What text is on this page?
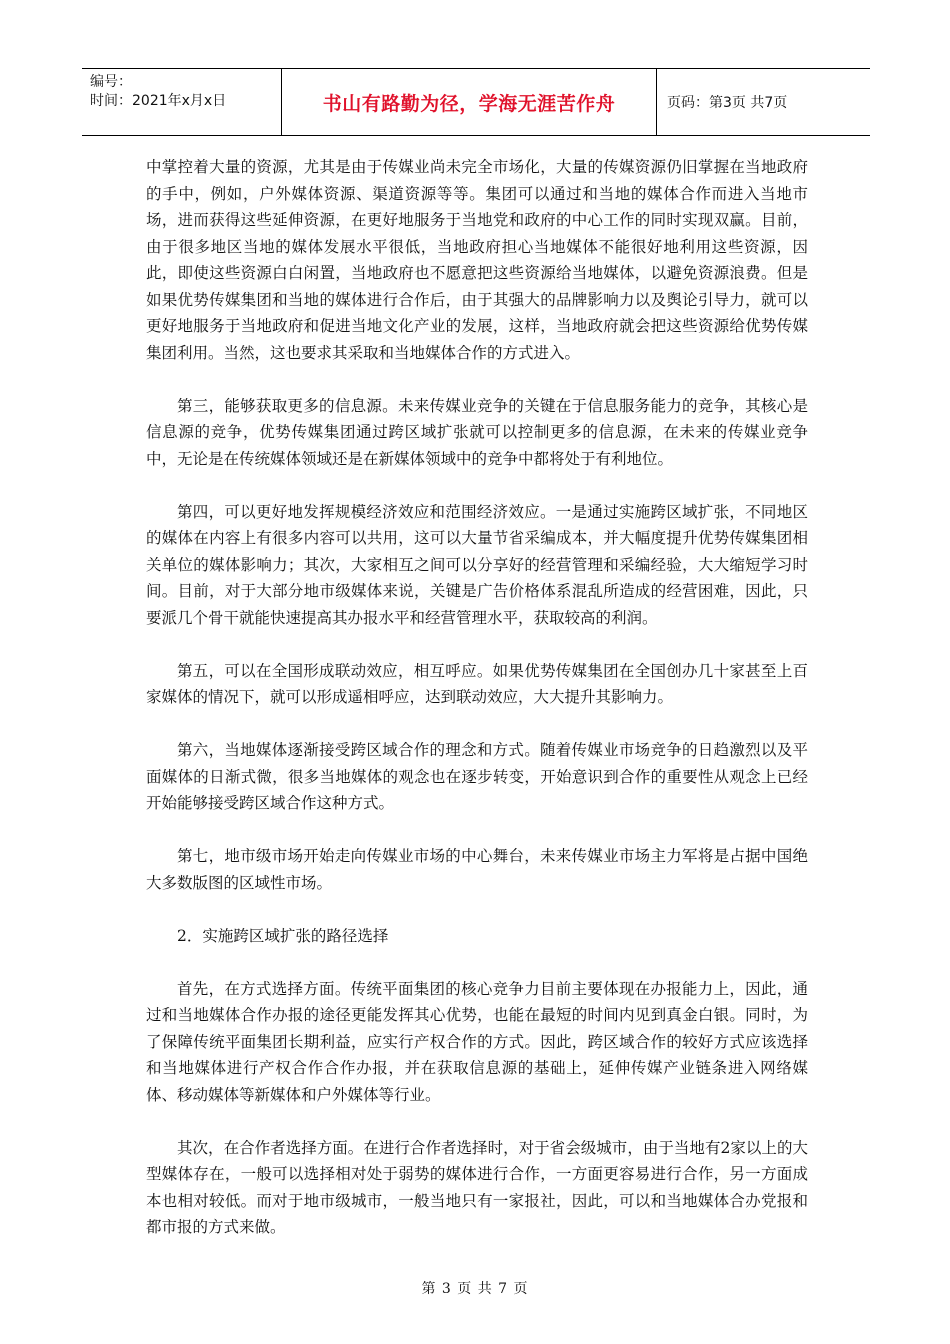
编号：
时间：2021年x月x日	书山有路勤为径，学海无涯苦作舟	页码：第3页 共7页

中掌控着大量的资源，尤其是由于传媒业尚未完全市场化，大量的传媒资源仍旧掌握在当地政府的手中，例如，户外媒体资源、渠道资源等等。集团可以通过和当地的媒体合作而进入当地市场，进而获得这些延伸资源，在更好地服务于当地党和政府的中心工作的同时实现双赢。目前，由于很多地区当地的媒体发展水平很低，当地政府担心当地媒体不能很好地利用这些资源，因此，即使这些资源白白闲置，当地政府也不愿意把这些资源给当地媒体，以避免资源浪费。但是如果优势传媒集团和当地的媒体进行合作后，由于其强大的品牌影响力以及舆论引导力，就可以更好地服务于当地政府和促进当地文化产业的发展，这样，当地政府就会把这些资源给优势传媒集团利用。当然，这也要求其采取和当地媒体合作的方式进入。

第三，能够获取更多的信息源。未来传媒业竞争的关键在于信息服务能力的竞争，其核心是信息源的竞争，优势传媒集团通过跨区域扩张就可以控制更多的信息源，在未来的传媒业竞争中，无论是在传统媒体领域还是在新媒体领域中的竞争中都将处于有利地位。

第四，可以更好地发挥规模经济效应和范围经济效应。一是通过实施跨区域扩张，不同地区的媒体在内容上有很多内容可以共用，这可以大量节省采编成本，并大幅度提升优势传媒集团相关单位的媒体影响力；其次，大家相互之间可以分享好的经营管理和采编经验，大大缩短学习时间。目前，对于大部分地市级媒体来说，关键是广告价格体系混乱所造成的经营困难，因此，只要派几个骨干就能快速提高其办报水平和经营管理水平，获取较高的利润。

第五，可以在全国形成联动效应，相互呼应。如果优势传媒集团在全国创办几十家甚至上百家媒体的情况下，就可以形成遥相呼应，达到联动效应，大大提升其影响力。

第六，当地媒体逐渐接受跨区域合作的理念和方式。随着传媒业市场竞争的日趋激烈以及平面媒体的日渐式微，很多当地媒体的观念也在逐步转变，开始意识到合作的重要性从观念上已经开始能够接受跨区域合作这种方式。

第七，地市级市场开始走向传媒业市场的中心舞台，未来传媒业市场主力军将是占据中国绝大多数版图的区域性市场。

2．实施跨区域扩张的路径选择

首先，在方式选择方面。传统平面集团的核心竞争力目前主要体现在办报能力上，因此，通过和当地媒体合作办报的途径更能发挥其心优势，也能在最短的时间内见到真金白银。同时，为了保障传统平面集团长期利益，应实行产权合作的方式。因此，跨区域合作的较好方式应该选择和当地媒体进行产权合作合作办报，并在获取信息源的基础上，延伸传媒产业链条进入网络媒体、移动媒体等新媒体和户外媒体等行业。

其次，在合作者选择方面。在进行合作者选择时，对于省会级城市，由于当地有2家以上的大型媒体存在，一般可以选择相对处于弱势的媒体进行合作，一方面更容易进行合作，另一方面成本也相对较低。而对于地市级城市，一般当地只有一家报社，因此，可以和当地媒体合办党报和都市报的方式来做。

第 3 页 共 7 页
